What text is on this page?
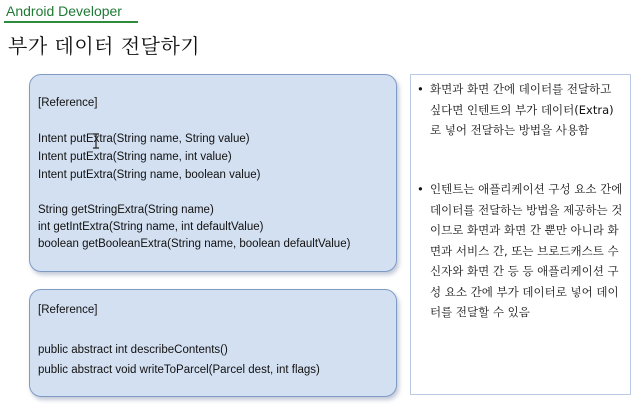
Android Developer
부가 데이터 전달하기
[Reference]
Intent putExtra(String name, String value)
Intent putExtra(String name, int value)
Intent putExtra(String name, boolean value)
String getStringExtra(String name)
int getIntExtra(String name, int defaultValue)
boolean getBooleanExtra(String name, boolean defaultValue)
[Reference]
public abstract int describeContents()
public abstract void writeToParcel(Parcel dest, int flags)
• 화면과 화면 간에 데이터를 전달하고 싶다면 인텐트의 부가 데이터(Extra)로 넣어 전달하는 방법을 사용함
• 인텐트는 애플리케이션 구성 요소 간에 데이터를 전달하는 방법을 제공하는 것이므로 화면과 화면 간 뿐만 아니라 화면과 서비스 간, 또는 브로드캐스트 수신자와 화면 간 등 등 애플리케이션 구성 요소 간에 부가 데이터로 넣어 데이터를 전달할 수 있음
